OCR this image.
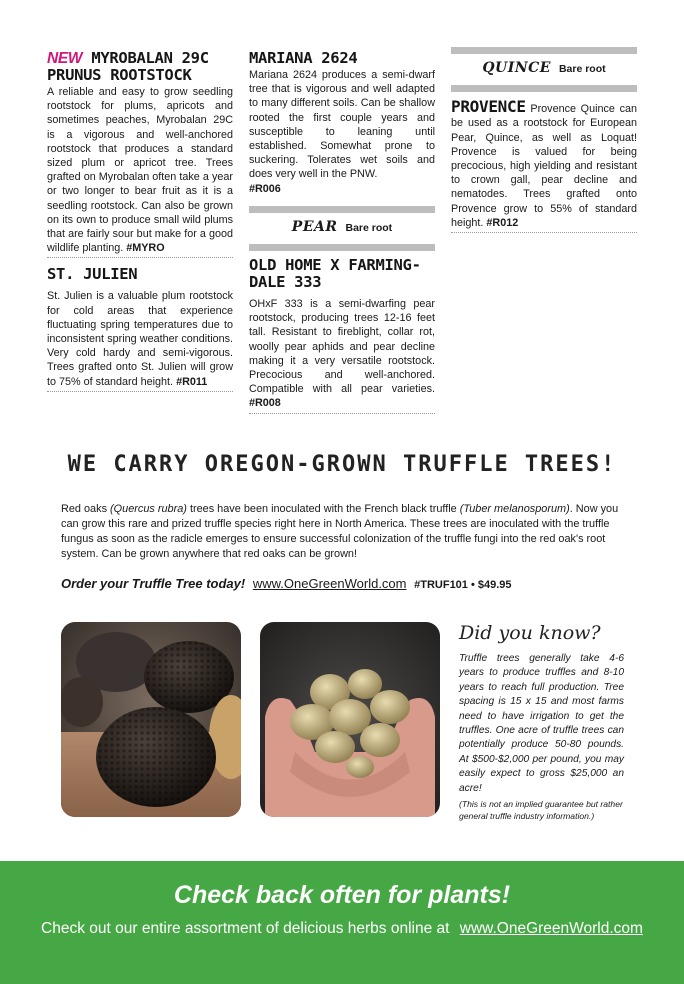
NEW MYROBALAN 29C
PRUNUS ROOTSTOCK
A reliable and easy to grow seedling rootstock for plums, apricots and sometimes peaches, Myrobalan 29C is a vigorous and well-anchored rootstock that produces a standard sized plum or apricot tree. Trees grafted on Myrobalan often take a year or two longer to bear fruit as it is a seedling rootstock. Can also be grown on its own to produce small wild plums that are fairly sour but make for a good wildlife planting. #MYRO
ST. JULIEN
St. Julien is a valuable plum rootstock for cold areas that experience fluctuating spring temperatures due to inconsistent spring weather conditions. Very cold hardy and semi-vigorous. Trees grafted onto St. Julien will grow to 75% of standard height. #R011
MARIANA 2624
Mariana 2624 produces a semi-dwarf tree that is vigorous and well adapted to many different soils. Can be shallow rooted the first couple years and susceptible to leaning until established. Somewhat prone to suckering. Tolerates wet soils and does very well in the PNW.
#R006
PEAR Bare root
OLD HOME X FARMING-
DALE 333
OHxF 333 is a semi-dwarfing pear rootstock, producing trees 12-16 feet tall. Resistant to fireblight, collar rot, woolly pear aphids and pear decline making it a very versatile rootstock. Precocious and well-anchored. Compatible with all pear varieties. #R008
QUINCE Bare root
PROVENCE Provence Quince can be used as a rootstock for European Pear, Quince, as well as Loquat! Provence is valued for being precocious, high yielding and resistant to crown gall, pear decline and nematodes. Trees grafted onto Provence grow to 55% of standard height. #R012
WE CARRY OREGON-GROWN TRUFFLE TREES!
Red oaks (Quercus rubra) trees have been inoculated with the French black truffle (Tuber melanosporum). Now you can grow this rare and prized truffle species right here in North America. These trees are inoculated with the truffle fungus as soon as the radicle emerges to ensure successful colonization of the truffle fungi into the red oak's root system. Can be grown anywhere that red oaks can be grown!
Order your Truffle Tree today! www.OneGreenWorld.com #TRUF101 • $49.95
Did you know?

Truffle trees generally take 4-6 years to produce truffles and 8-10 years to reach full production. Tree spacing is 15 x 15 and most farms need to have irrigation to get the truffles. One acre of truffle trees can potentially produce 50-80 pounds. At $500-$2,000 per pound, you may easily expect to gross $25,000 an acre!

(This is not an implied guarantee but rather general truffle industry information.)

Check back often for plants!
Check out our entire assortment of delicious herbs online at www.OneGreenWorld.com
